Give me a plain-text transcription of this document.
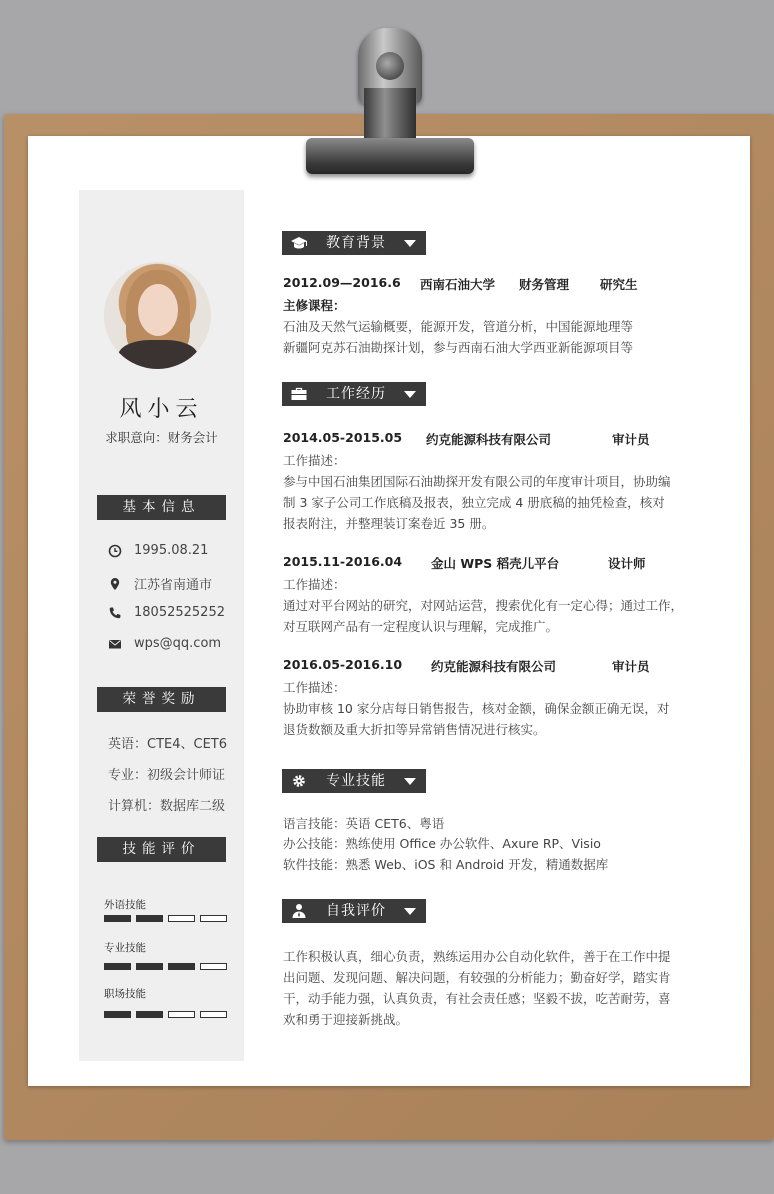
风小云
求职意向：财务会计
基本信息
1995.08.21
江苏省南通市
18052525252
wps@qq.com
荣誉奖励
英语：CTE4、CET6
专业：初级会计师证
计算机：数据库二级
技能评价
外语技能
专业技能
职场技能
教育背景
2012.09—2016.6 西南石油大学 财务管理 研究生
主修课程：
石油及天然气运输概要，能源开发，管道分析，中国能源地理等
新疆阿克苏石油勘探计划，参与西南石油大学西亚新能源项目等
工作经历
2014.05-2015.05 约克能源科技有限公司	审计员
工作描述：
参与中国石油集团国际石油勘探开发有限公司的年度审计项目，协助编
制 3 家子公司工作底稿及报表，独立完成 4 册底稿的抽凭检查，核对
报表附注，并整理装订案卷近 35 册。
2015.11-2016.04 金山 WPS 稻壳儿平台	设计师
工作描述：
通过对平台网站的研究，对网站运营，搜索优化有一定心得；通过工作，
对互联网产品有一定程度认识与理解，完成推广。
2016.05-2016.10 约克能源科技有限公司	审计员
工作描述：
协助审核 10 家分店每日销售报告，核对金额，确保金额正确无误，对
退货数额及重大折扣等异常销售情况进行核实。
专业技能
语言技能：英语 CET6、粤语
办公技能：熟练使用 Office 办公软件、Axure RP、Visio
软件技能：熟悉 Web、iOS 和 Android 开发，精通数据库
自我评价
工作积极认真，细心负责，熟练运用办公自动化软件，善于在工作中提
出问题、发现问题、解决问题，有较强的分析能力；勤奋好学，踏实肯
干，动手能力强，认真负责，有社会责任感；坚毅不拔，吃苦耐劳，喜
欢和勇于迎接新挑战。
